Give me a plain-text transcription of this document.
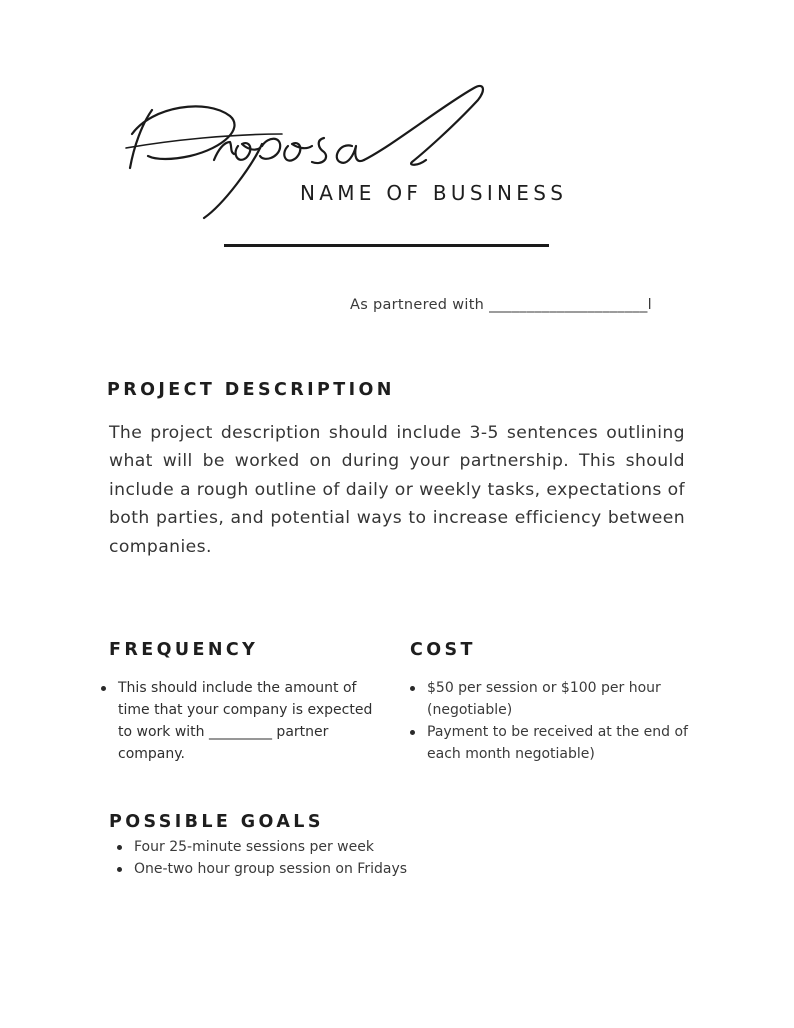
NAME OF BUSINESS
As partnered with _____________________l
PROJECT DESCRIPTION

The project description should include 3-5 sentences outlining what will be worked on during your partnership. This should include a rough outline of daily or weekly tasks, expectations of both parties, and potential ways to increase efficiency between companies.

FREQUENCY
This should include the amount of time that your company is expected to work with _________ partner company.
COST
$50 per session or $100 per hour (negotiable)
Payment to be received at the end of each month negotiable)
POSSIBLE GOALS
Four 25-minute sessions per week
One-two hour group session on Fridays
